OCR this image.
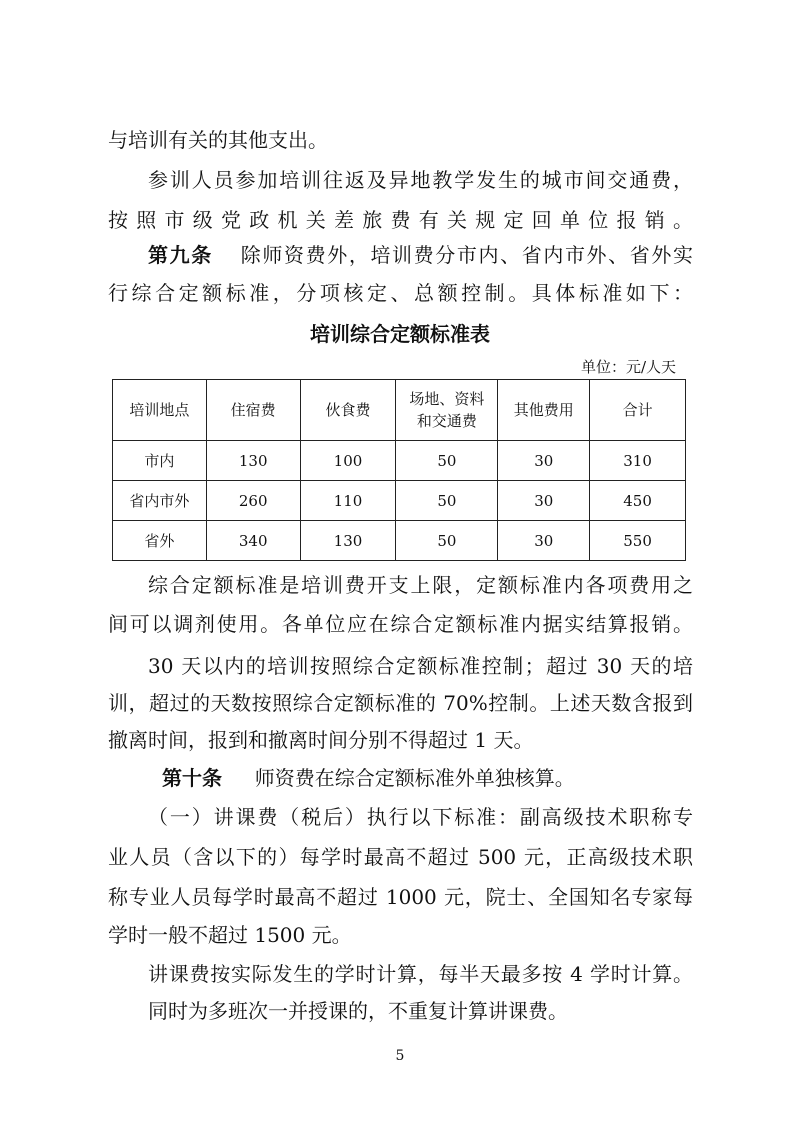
与培训有关的其他支出。
参训人员参加培训往返及异地教学发生的城市间交通费，
按照市级党政机关差旅费有关规定回单位报销。
第九条 除师资费外，培训费分市内、省内市外、省外实
行综合定额标准，分项核定、总额控制。具体标准如下：
培训综合定额标准表
单位：元/人天
培训地点	住宿费	伙食费	场地、资料和交通费	其他费用	合计
市内	130	100	50	30	310
省内市外	260	110	50	30	450
省外	340	130	50	30	550
综合定额标准是培训费开支上限，定额标准内各项费用之
间可以调剂使用。各单位应在综合定额标准内据实结算报销。
30 天以内的培训按照综合定额标准控制；超过 30 天的培
训，超过的天数按照综合定额标准的 70%控制。上述天数含报到
撤离时间，报到和撤离时间分别不得超过 1 天。
第十条 师资费在综合定额标准外单独核算。
（一）讲课费（税后）执行以下标准：副高级技术职称专
业人员（含以下的）每学时最高不超过 500 元，正高级技术职
称专业人员每学时最高不超过 1000 元，院士、全国知名专家每
学时一般不超过 1500 元。
讲课费按实际发生的学时计算，每半天最多按 4 学时计算。
同时为多班次一并授课的，不重复计算讲课费。
5
